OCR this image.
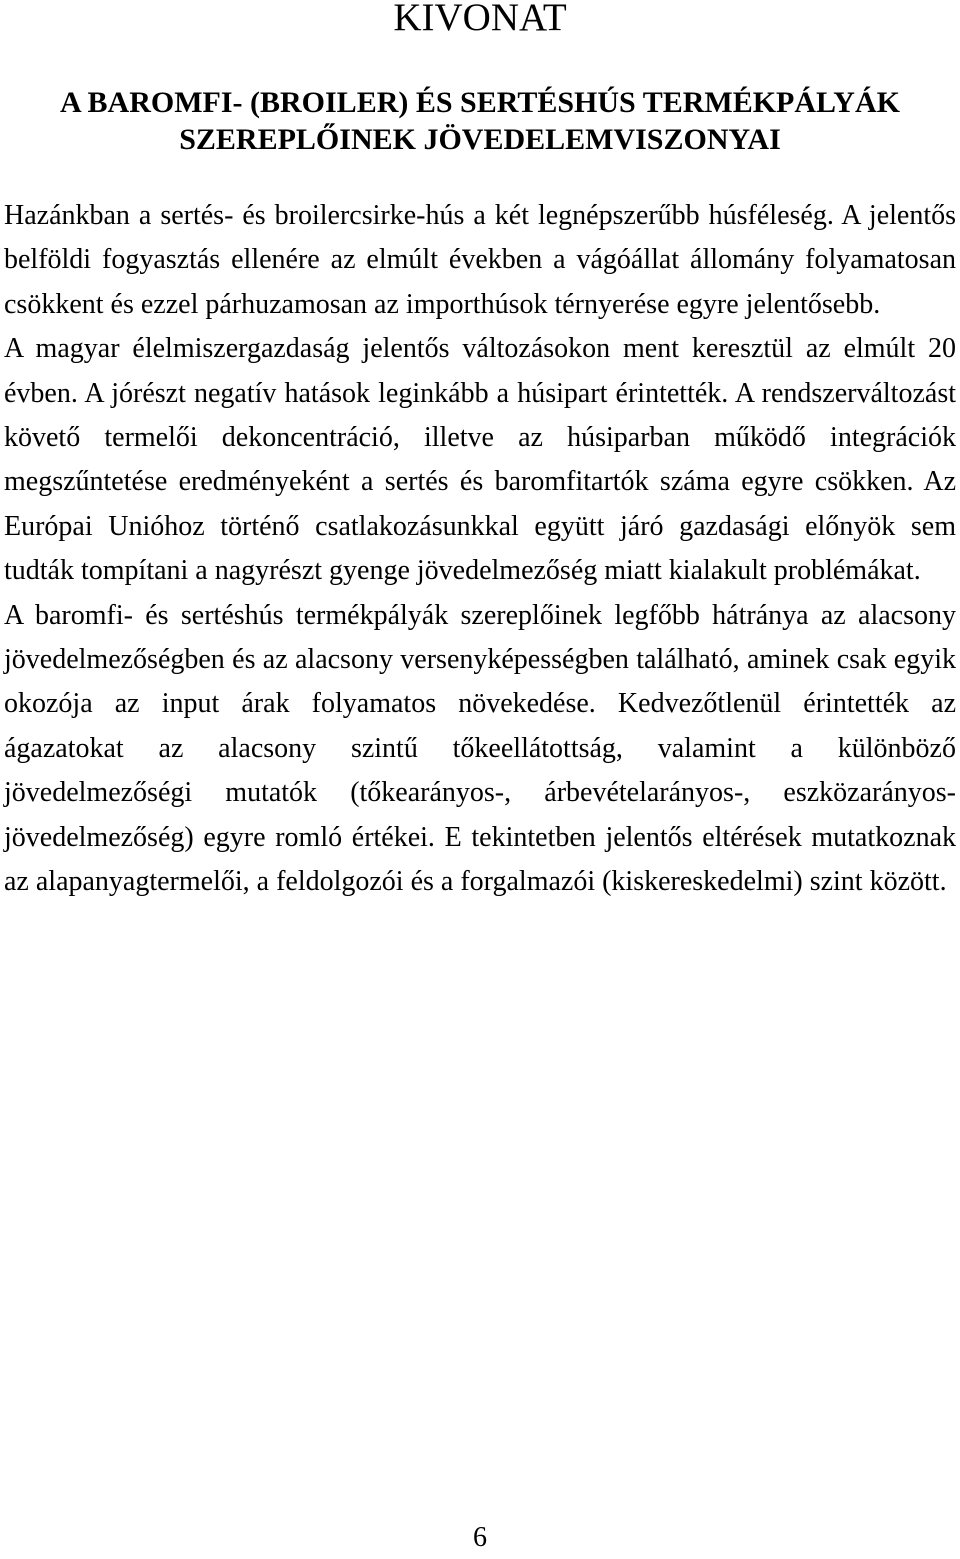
KIVONAT
A BAROMFI- (BROILER) ÉS SERTÉSHÚS TERMÉKPÁLYÁK
SZEREPLŐINEK JÖVEDELEMVISZONYAI

Hazánkban a sertés- és broilercsirke-hús a két legnépszerűbb húsféleség. A jelentős belföldi fogyasztás ellenére az elmúlt években a vágóállat állomány folyamatosan csökkent és ezzel párhuzamosan az importhúsok térnyerése egyre jelentősebb.

A magyar élelmiszergazdaság jelentős változásokon ment keresztül az elmúlt 20 évben. A jórészt negatív hatások leginkább a húsipart érintették. A rendszerváltozást követő termelői dekoncentráció, illetve az húsiparban működő integrációk megszűntetése eredményeként a sertés és baromfitartók száma egyre csökken. Az Európai Unióhoz történő csatlakozásunkkal együtt járó gazdasági előnyök sem tudták tompítani a nagyrészt gyenge jövedelmezőség miatt kialakult problémákat.

A baromfi- és sertéshús termékpályák szereplőinek legfőbb hátránya az alacsony jövedelmezőségben és az alacsony versenyképességben található, aminek csak egyik okozója az input árak folyamatos növekedése. Kedvezőtlenül érintették az ágazatokat az alacsony szintű tőkeellátottság, valamint a különböző jövedelmezőségi mutatók (tőkearányos-, árbevételarányos-, eszközarányos-jövedelmezőség) egyre romló értékei. E tekintetben jelentős eltérések mutatkoznak az alapanyagtermelői, a feldolgozói és a forgalmazói (kiskereskedelmi) szint között.

6
